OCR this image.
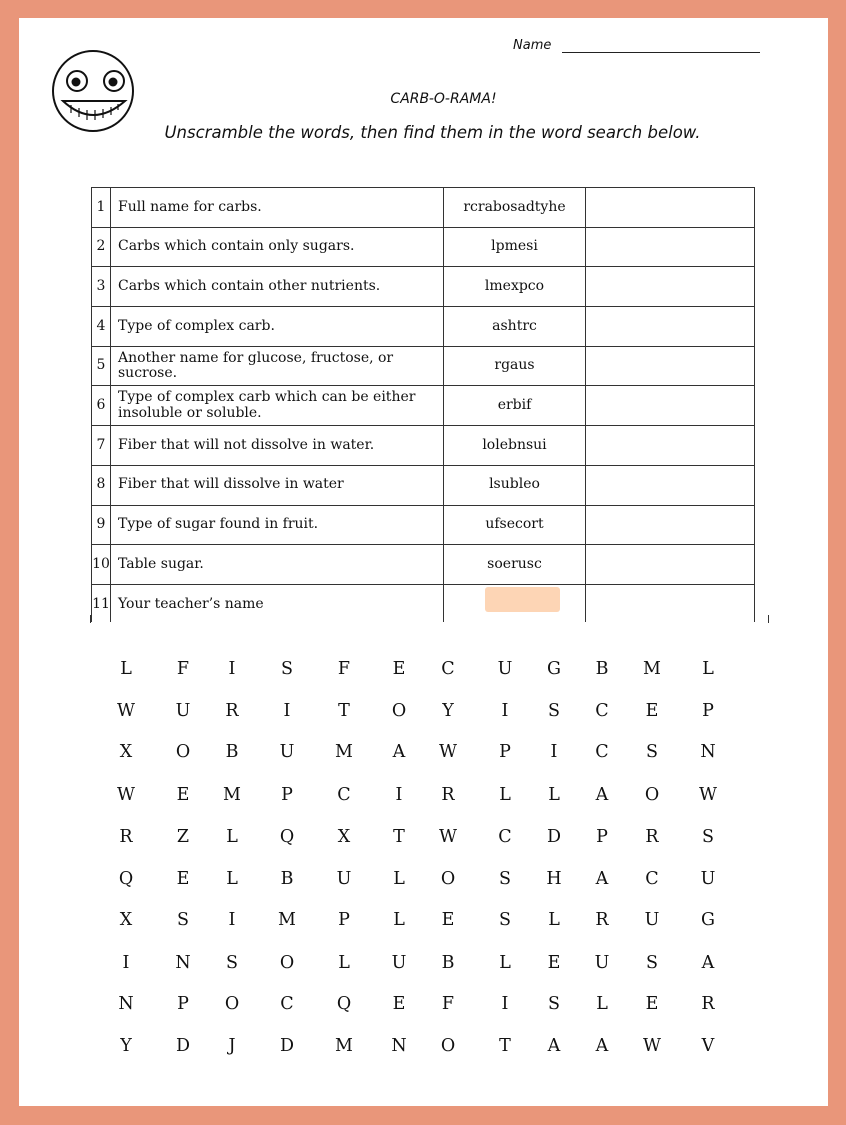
Name
CARB-O-RAMA!
Unscramble the words, then find them in the word search below.
1	Full name for carbs.	rcrabosadtyhe	
2	Carbs which contain only sugars.	lpmesi	
3	Carbs which contain other nutrients.	lmexpco	
4	Type of complex carb.	ashtrc	
5	Another name for glucose, fructose, or sucrose.	rgaus	
6	Type of complex carb which can be either insoluble or soluble.	erbif	
7	Fiber that will not dissolve in water.	lolebnsui	
8	Fiber that will dissolve in water	lsubleo	
9	Type of sugar found in fruit.	ufsecort	
10	Table sugar.	soerusc	
11	Your teacher’s name		
L	F	I	S	F	E	C	U	G	B	M	L
W	U	R	I	T	O	Y	I	S	C	E	P
X	O	B	U	M	A	W	P	I	C	S	N
W	E	M	P	C	I	R	L	L	A	O	W
R	Z	L	Q	X	T	W	C	D	P	R	S
Q	E	L	B	U	L	O	S	H	A	C	U
X	S	I	M	P	L	E	S	L	R	U	G
I	N	S	O	L	U	B	L	E	U	S	A
N	P	O	C	Q	E	F	I	S	L	E	R
Y	D	J	D	M	N	O	T	A	A	W	V
